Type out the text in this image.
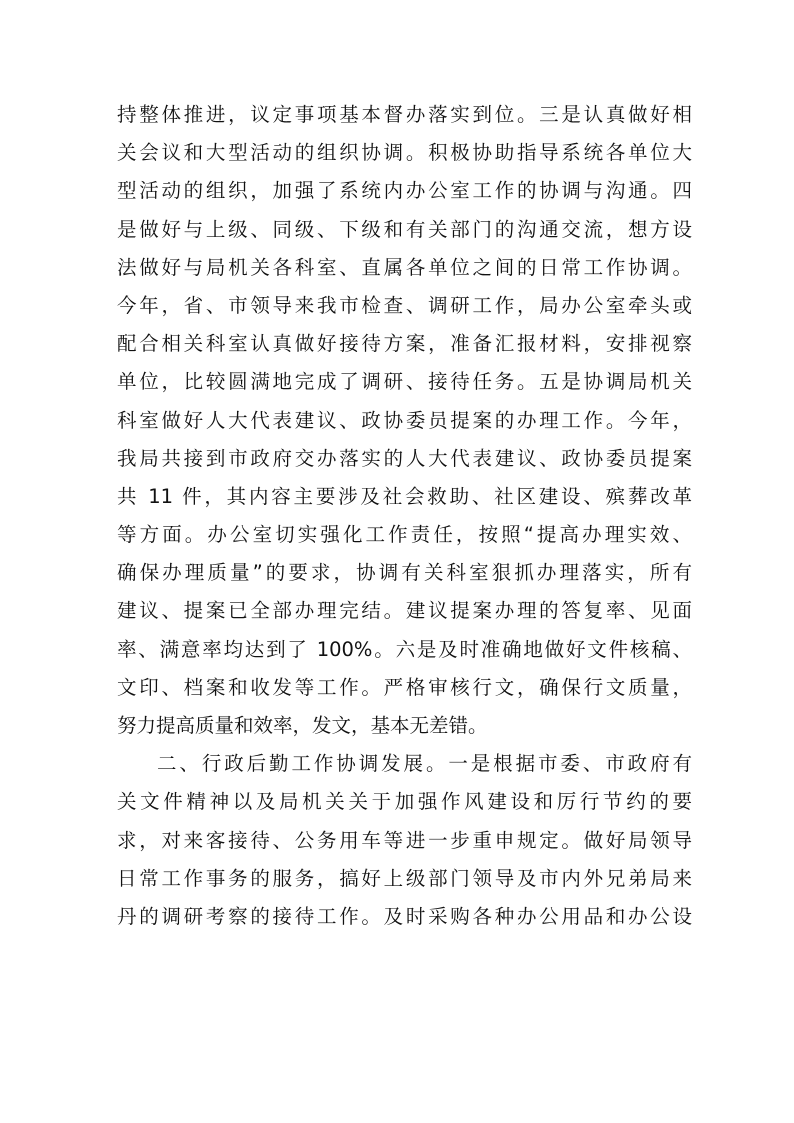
持整体推进，议定事项基本督办落实到位。三是认真做好相
关会议和大型活动的组织协调。积极协助指导系统各单位大
型活动的组织，加强了系统内办公室工作的协调与沟通。四
是做好与上级、同级、下级和有关部门的沟通交流，想方设
法做好与局机关各科室、直属各单位之间的日常工作协调。
今年，省、市领导来我市检查、调研工作，局办公室牵头或
配合相关科室认真做好接待方案，准备汇报材料，安排视察
单位，比较圆满地完成了调研、接待任务。五是协调局机关
科室做好人大代表建议、政协委员提案的办理工作。今年，
我局共接到市政府交办落实的人大代表建议、政协委员提案
共 11 件，其内容主要涉及社会救助、社区建设、殡葬改革
等方面。办公室切实强化工作责任，按照“提高办理实效、
确保办理质量”的要求，协调有关科室狠抓办理落实，所有
建议、提案已全部办理完结。建议提案办理的答复率、见面
率、满意率均达到了 100%。六是及时准确地做好文件核稿、
文印、档案和收发等工作。严格审核行文，确保行文质量，
努力提高质量和效率，发文，基本无差错。
二、行政后勤工作协调发展。一是根据市委、市政府有
关文件精神以及局机关关于加强作风建设和厉行节约的要
求，对来客接待、公务用车等进一步重申规定。做好局领导
日常工作事务的服务，搞好上级部门领导及市内外兄弟局来
丹的调研考察的接待工作。及时采购各种办公用品和办公设
